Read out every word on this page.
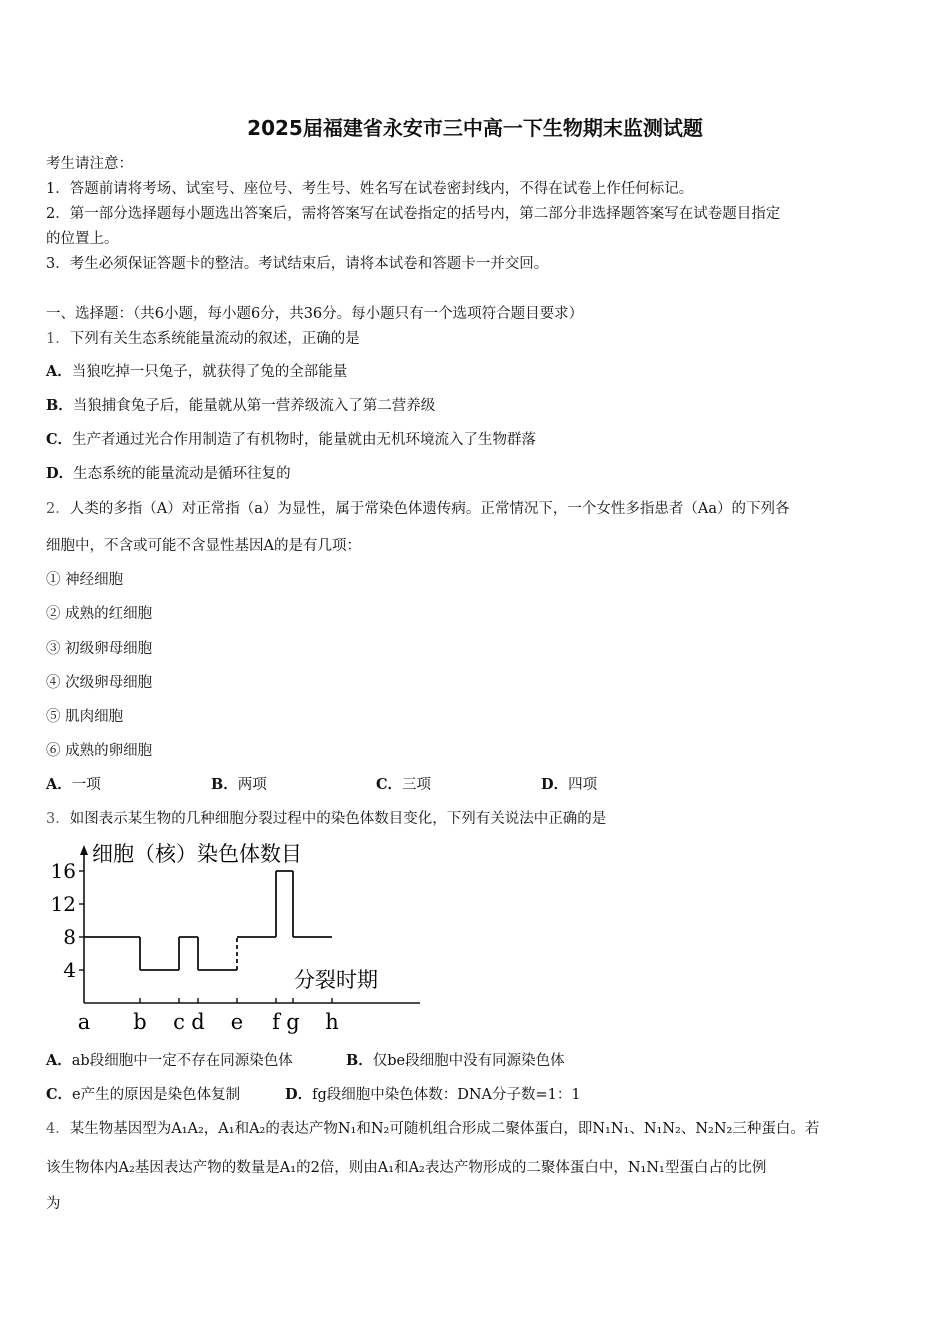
2025届福建省永安市三中高一下生物期末监测试题
考生请注意：
1．答题前请将考场、试室号、座位号、考生号、姓名写在试卷密封线内，不得在试卷上作任何标记。
2．第一部分选择题每小题选出答案后，需将答案写在试卷指定的括号内，第二部分非选择题答案写在试卷题目指定
的位置上。
3．考生必须保证答题卡的整洁。考试结束后，请将本试卷和答题卡一并交回。
一、选择题：（共6小题，每小题6分，共36分。每小题只有一个选项符合题目要求）
1．下列有关生态系统能量流动的叙述，正确的是
A．当狼吃掉一只兔子，就获得了兔的全部能量
B．当狼捕食兔子后，能量就从第一营养级流入了第二营养级
C．生产者通过光合作用制造了有机物时，能量就由无机环境流入了生物群落
D．生态系统的能量流动是循环往复的
2．人类的多指（A）对正常指（a）为显性，属于常染色体遗传病。正常情况下，一个女性多指患者（Aa）的下列各
细胞中，不含或可能不含显性基因A的是有几项：
① 神经细胞
② 成熟的红细胞
③ 初级卵母细胞
④ 次级卵母细胞
⑤ 肌肉细胞
⑥ 成熟的卵细胞
A．一项	B．两项	C．三项	D．四项
3．如图表示某生物的几种细胞分裂过程中的染色体数目变化，下列有关说法中正确的是
细胞（核）染色体数目
分裂时期
4
8
12
16
a b c d e f g h
A．ab段细胞中一定不存在同源染色体	B．仅be段细胞中没有同源染色体
C．e产生的原因是染色体复制	D．fg段细胞中染色体数：DNA分子数=1：1
4．某生物基因型为A₁A₂，A₁和A₂的表达产物N₁和N₂可随机组合形成二聚体蛋白，即N₁N₁、N₁N₂、N₂N₂三种蛋白。若
该生物体内A₂基因表达产物的数量是A₁的2倍，则由A₁和A₂表达产物形成的二聚体蛋白中，N₁N₁型蛋白占的比例
为
